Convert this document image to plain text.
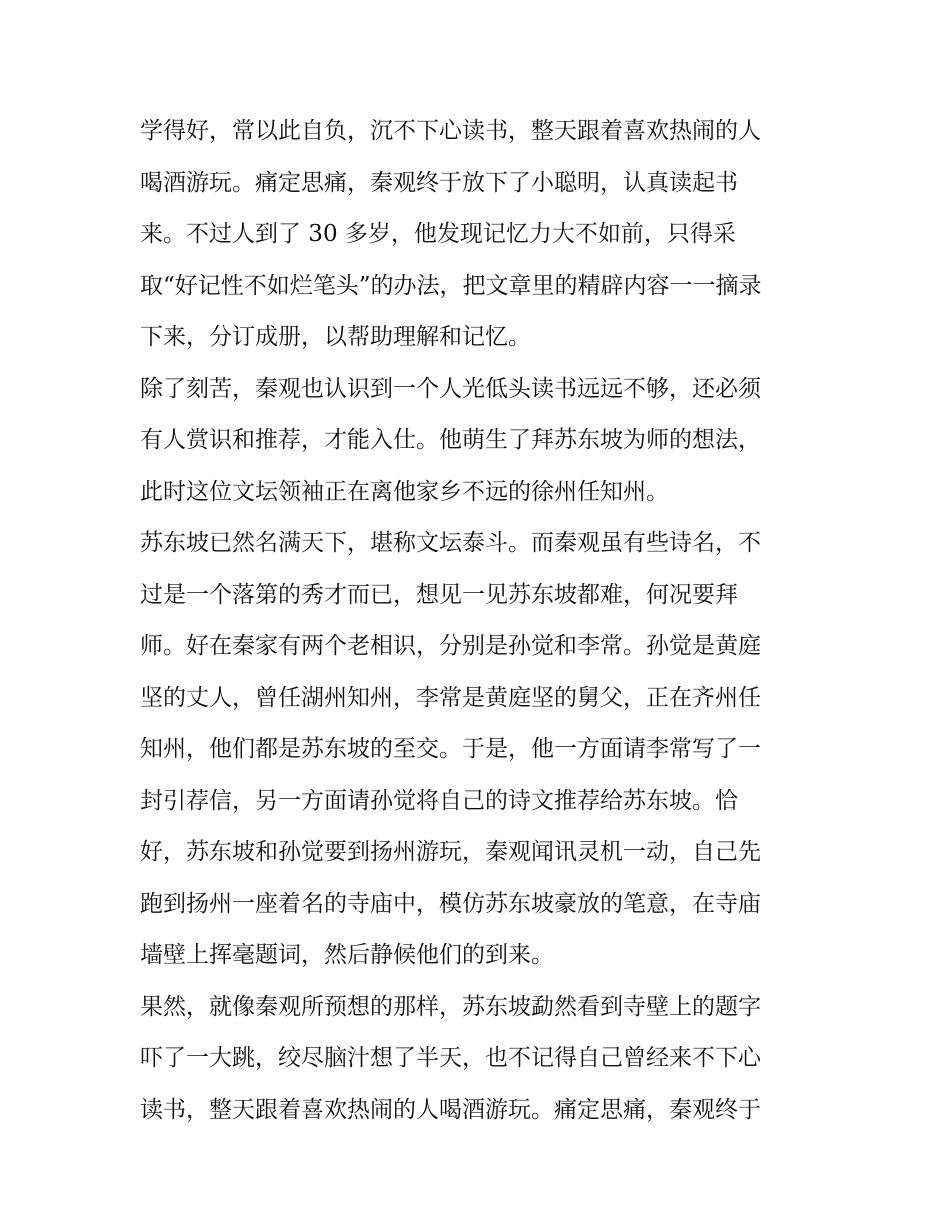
学得好，常以此自负，沉不下心读书，整天跟着喜欢热闹的人
喝酒游玩。痛定思痛，秦观终于放下了小聪明，认真读起书
来。不过人到了 30 多岁，他发现记忆力大不如前，只得采
取“好记性不如烂笔头”的办法，把文章里的精辟内容一一摘录
下来，分订成册，以帮助理解和记忆。

除了刻苦，秦观也认识到一个人光低头读书远远不够，还必须
有人赏识和推荐，才能入仕。他萌生了拜苏东坡为师的想法，
此时这位文坛领袖正在离他家乡不远的徐州任知州。

苏东坡已然名满天下，堪称文坛泰斗。而秦观虽有些诗名，不
过是一个落第的秀才而已，想见一见苏东坡都难，何况要拜
师。好在秦家有两个老相识，分别是孙觉和李常。孙觉是黄庭
坚的丈人，曾任湖州知州，李常是黄庭坚的舅父，正在齐州任
知州，他们都是苏东坡的至交。于是，他一方面请李常写了一
封引荐信，另一方面请孙觉将自己的诗文推荐给苏东坡。恰
好，苏东坡和孙觉要到扬州游玩，秦观闻讯灵机一动，自己先
跑到扬州一座着名的寺庙中，模仿苏东坡豪放的笔意，在寺庙
墙壁上挥毫题词，然后静候他们的到来。

果然，就像秦观所预想的那样，苏东坡勐然看到寺壁上的题字
吓了一大跳，绞尽脑汁想了半天，也不记得自己曾经来不下心
读书，整天跟着喜欢热闹的人喝酒游玩。痛定思痛，秦观终于
